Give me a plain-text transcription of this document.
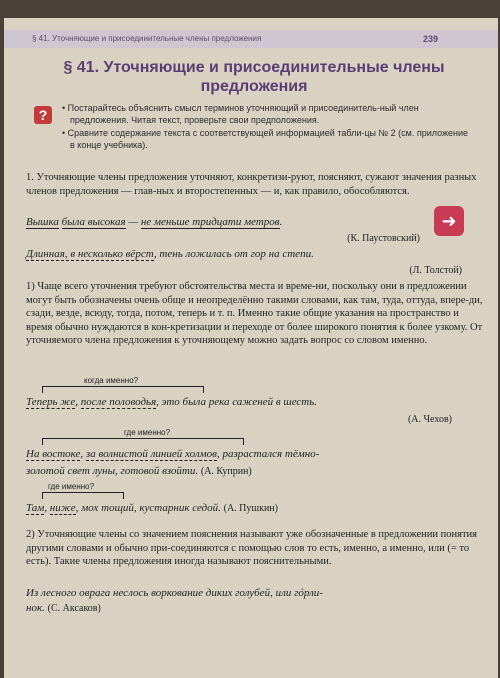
§ 41. Уточняющие и присоединительные члены предложения	239
§ 41. Уточняющие и присоединительные члены предложения
?
•	Постарайтесь объяснить смысл терминов уточняющий и присоединитель-ный член предложения. Читая текст, проверьте свои предположения.
• Сравните содержание текста с соответствующей информацией табли-цы № 2 (см. приложение в конце учебника).
1. Уточняющие члены предложения уточняют, конкретизи-руют, поясняют, сужают значения разных членов предложения — глав-ных и второстепенных — и, как правило, обособляются.
➜
Вышка была высокая — не меньше тридцати метров.
(К. Паустовский)
Длинная, в несколько вёрст, тень ложилась от гор на степи.
(Л. Толстой)
1) Чаще всего уточнения требуют обстоятельства места и време-ни, поскольку они в предложении могут быть обозначены очень обще и неопределённо такими словами, как там, туда, оттуда, впере-ди, сзади, везде, всюду, тогда, потом, теперь и т. п. Именно такие общие указания на пространство и время обычно нуждаются в кон-кретизации и переходе от более широкого понятия к более узкому. От уточняемого члена предложения к уточняющему можно задать вопрос со словом именно.
когда именно?
Теперь же, после половодья, это была река саженей в шесть.
(А. Чехов)
где именно?
На востоке, за волнистой линией холмов, разрастался тёмно-
золотой свет луны, готовой взойти. (А. Куприн)
где именно?
Там, ниже, мох тощий, кустарник седой. (А. Пушкин)
2) Уточняющие члены со значением пояснения называют уже обозначенные в предложении понятия другими словами и обычно при-соединяются с помощью слов то есть, именно, а именно, или (= то есть). Такие члены предложения иногда называют пояснительными.
Из лесного оврага неслось воркование диких голубей, или гόрли-
нок. (С. Аксаков)
